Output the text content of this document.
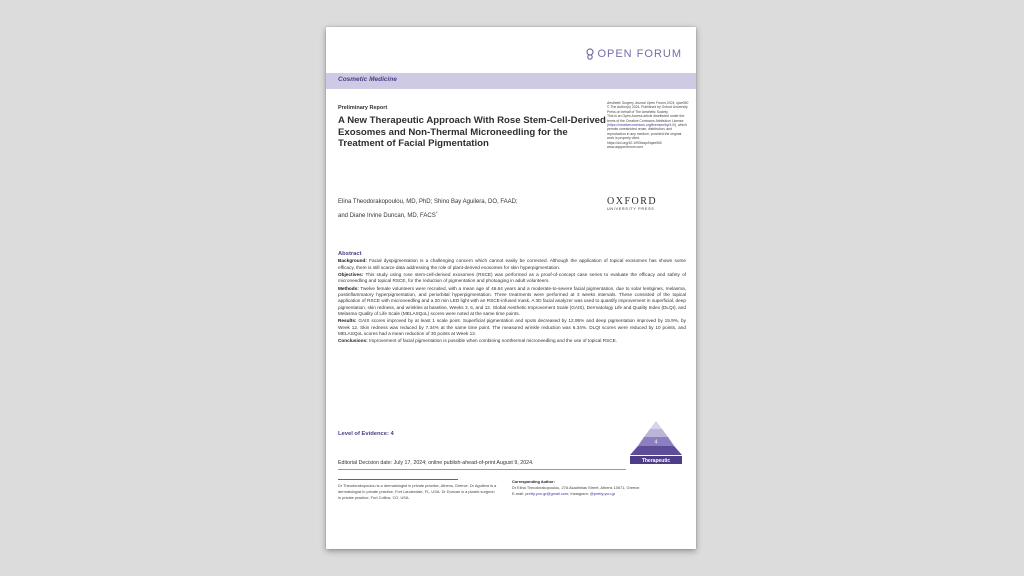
OPEN FORUM
Cosmetic Medicine
Preliminary Report
A New Therapeutic Approach With Rose Stem-Cell-Derived Exosomes and Non-Thermal Microneedling for the Treatment of Facial Pigmentation
Elina Theodorakopoulou, MD, PhD; Shino Bay Aguilera, DO, FAAD;
and Diane Irvine Duncan, MD, FACS*
Aesthetic Surgery Journal Open Forum 2024, ojae060
© The Author(s) 2024. Published by Oxford University Press on behalf of The Aesthetic Society.
This is an Open Access article distributed under the terms of the Creative Commons Attribution License (https://creativecommons.org/licenses/by/4.0/), which permits unrestricted reuse, distribution, and reproduction in any medium, provided the original work is properly cited.
https://doi.org/10.1093/asjof/ojae060
www.asjopenforum.com
OXFORD
UNIVERSITY PRESS
Abstract

Background: Facial dyspigmentation is a challenging concern which cannot easily be corrected. Although the application of topical exosomes has shown some efficacy, there is still scarce data addressing the role of plant-derived exosomes for skin hyperpigmentation.

Objectives: This study using rose stem-cell-derived exosomes (RSCE) was performed as a proof-of-concept case series to evaluate the efficacy and safety of microneedling and topical RSCE, for the reduction of pigmentation and photoaging in adult volunteers.

Methods: Twelve female volunteers were recruited, with a mean age of 46.64 years and a moderate-to-severe facial pigmentation, due to solar lentigines, melasma, postinflammatory hyperpigmentation, and periorbital hyperpigmentation. Three treatments were performed at 3 weeks intervals. These consisted of the topical application of RSCE with microneedling and a 20 min LED light with an RSCE-infused mask. A 3D facial analyzer was used to quantify improvement in superficial, deep pigmentation, skin redness, and wrinkles at baseline, Weeks 3, 6, and 12. Global Aesthetic Improvement Scale (GAIS), Dermatology Life and Quality Index (DLQI), and Melasma Quality of Life Scale (MELASQoL) scores were noted at the same time points.

Results: GAIS scores improved by at least 1 scale point. Superficial pigmentation and spots decreased by 12.95% and deep pigmentation improved by 15.9%, by Week 12. Skin redness was reduced by 7.34% at the same time point. The measured wrinkle reduction was 6.34%. DLQI scores were reduced by 10 points, and MELASQoL scores had a mean reduction of 30 points at Week 12.

Conclusions: Improvement of facial pigmentation is possible when combining nonthermal microneedling and the use of topical RSCE.

Level of Evidence: 4
4
Therapeutic
Editorial Decision date: July 17, 2024; online publish-ahead-of-print August 9, 2024.
Dr Theodorakopoulou is a dermatologist in private practice, Athens, Greece. Dr Aguilera is a dermatologist in private practice, Fort Lauderdale, FL, USA. Dr Duncan is a plastic surgeon in private practice, Fort Collins, CO, USA.
Corresponding Author:
Dr Elina Theodorakopoulou, 27A Akadimias Street, Athens 10671, Greece.
E-mail: pretty.you.gr@gmail.com; Instagram: @pretty.you.gr
